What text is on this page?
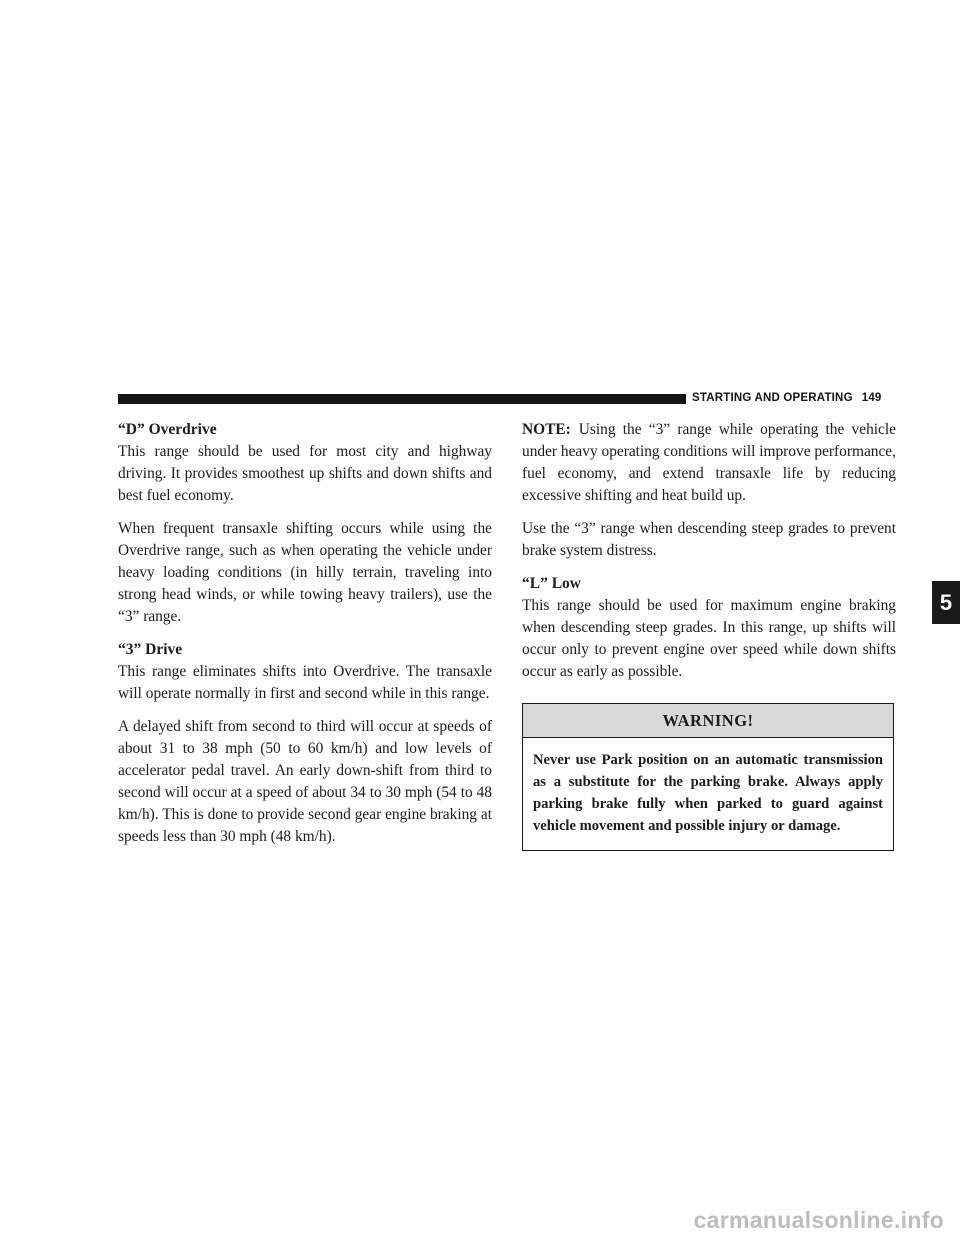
STARTING AND OPERATING 149

“D” Overdrive

This range should be used for most city and highway driving. It provides smoothest up shifts and down shifts and best fuel economy.

When frequent transaxle shifting occurs while using the Overdrive range, such as when operating the vehicle under heavy loading conditions (in hilly terrain, traveling into strong head winds, or while towing heavy trailers), use the “3” range.

“3” Drive

This range eliminates shifts into Overdrive. The transaxle will operate normally in first and second while in this range.

A delayed shift from second to third will occur at speeds of about 31 to 38 mph (50 to 60 km/h) and low levels of accelerator pedal travel. An early down-shift from third to second will occur at a speed of about 34 to 30 mph (54 to 48 km/h). This is done to provide second gear engine braking at speeds less than 30 mph (48 km/h).

NOTE: Using the “3” range while operating the vehicle under heavy operating conditions will improve performance, fuel economy, and extend transaxle life by reducing excessive shifting and heat build up.

Use the “3” range when descending steep grades to prevent brake system distress.

“L” Low

This range should be used for maximum engine braking when descending steep grades. In this range, up shifts will occur only to prevent engine over speed while down shifts occur as early as possible.

WARNING!
Never use Park position on an automatic transmission as a substitute for the parking brake. Always apply parking brake fully when parked to guard against vehicle movement and possible injury or damage.
5
carmanualsonline.info
